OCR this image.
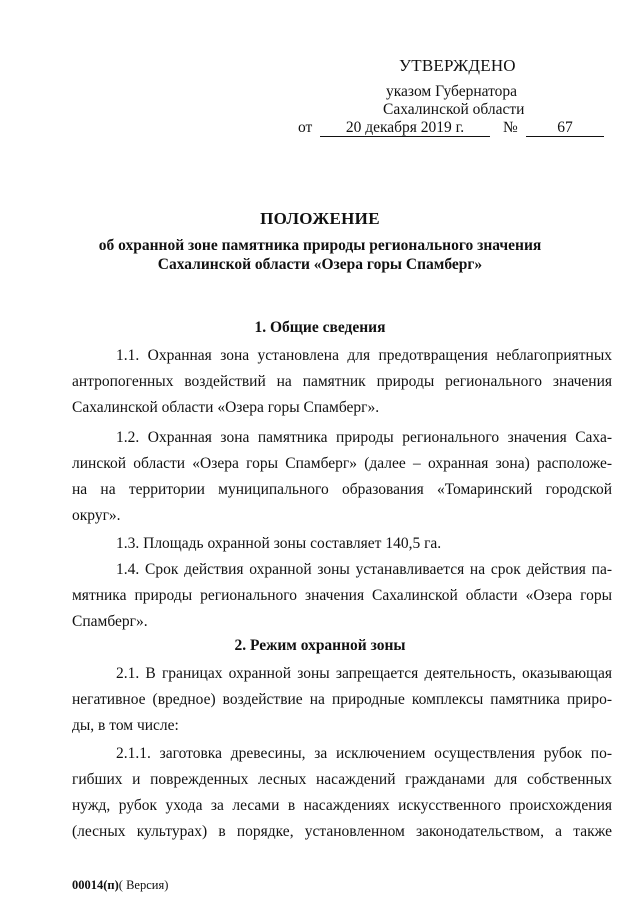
УТВЕРЖДЕНО
указом Губернатора
Сахалинской области
от	20 декабря 2019 г.	№	67
ПОЛОЖЕНИЕ
об охранной зоне памятника природы регионального значения
Сахалинской области «Озера горы Спамберг»
1. Общие сведения
1.1. Охранная зона установлена для предотвращения неблагоприятных
антропогенных воздействий на памятник природы регионального значения
Сахалинской области «Озера горы Спамберг».
1.2. Охранная зона памятника природы регионального значения Саха-
линской области «Озера горы Спамберг» (далее – охранная зона) расположе-
на на территории муниципального образования «Томаринский городской
округ».
1.3. Площадь охранной зоны составляет 140,5 га.
1.4. Срок действия охранной зоны устанавливается на срок действия па-
мятника природы регионального значения Сахалинской области «Озера горы
Спамберг».
2. Режим охранной зоны
2.1. В границах охранной зоны запрещается деятельность, оказывающая
негативное (вредное) воздействие на природные комплексы памятника приро-
ды, в том числе:
2.1.1. заготовка древесины, за исключением осуществления рубок по-
гибших и поврежденных лесных насаждений гражданами для собственных
нужд, рубок ухода за лесами в насаждениях искусственного происхождения
(лесных культурах) в порядке, установленном законодательством, а также
00014(п)( Версия)
